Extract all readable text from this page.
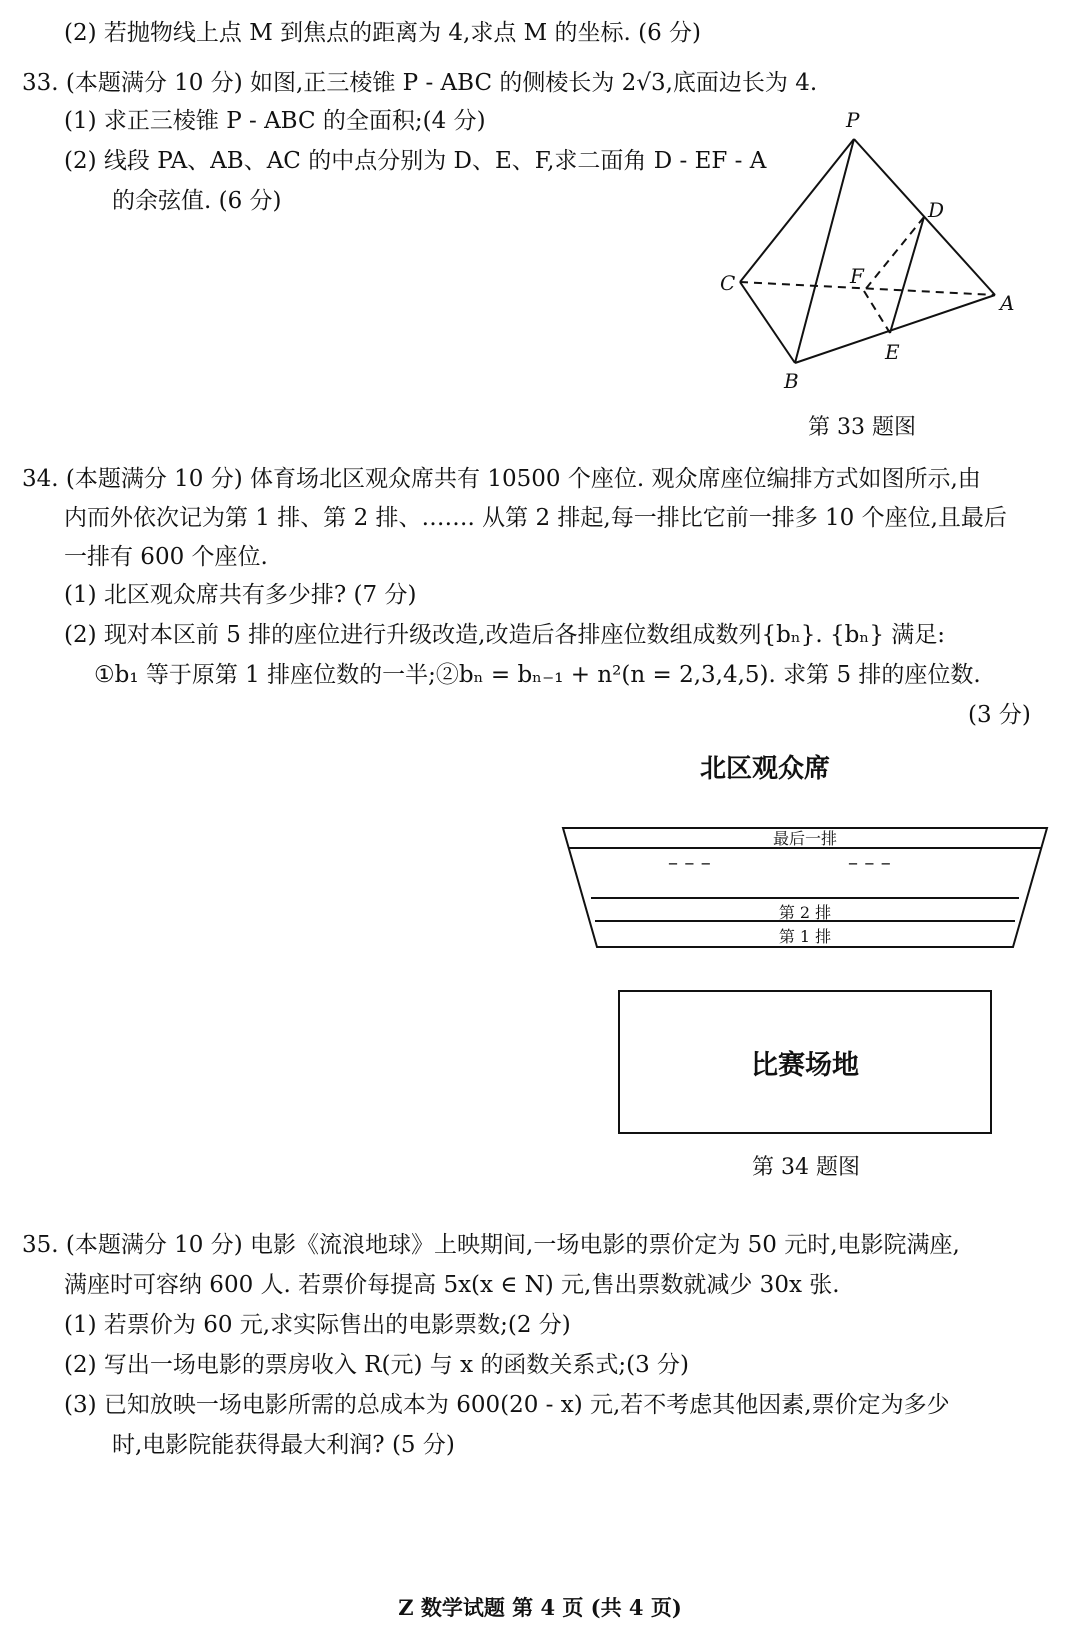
(2) 若抛物线上点 M 到焦点的距离为 4,求点 M 的坐标. (6 分)
33. (本题满分 10 分) 如图,正三棱锥 P - ABC 的侧棱长为 2√3,底面边长为 4.
(1) 求正三棱锥 P - ABC 的全面积;(4 分)
(2) 线段 PA、AB、AC 的中点分别为 D、E、F,求二面角 D - EF - A
的余弦值. (6 分)
P
D
F
C
A
E
B
第 33 题图
34. (本题满分 10 分) 体育场北区观众席共有 10500 个座位. 观众席座位编排方式如图所示,由
内而外依次记为第 1 排、第 2 排、……. 从第 2 排起,每一排比它前一排多 10 个座位,且最后
一排有 600 个座位.
(1) 北区观众席共有多少排? (7 分)
(2) 现对本区前 5 排的座位进行升级改造,改造后各排座位数组成数列{bₙ}. {bₙ} 满足:
①b₁ 等于原第 1 排座位数的一半;②bₙ = bₙ₋₁ + n²(n = 2,3,4,5). 求第 5 排的座位数.
(3 分)
北区观众席
最后一排
– – –	– – –
第 2 排
第 1 排
比赛场地
第 34 题图
35. (本题满分 10 分) 电影《流浪地球》上映期间,一场电影的票价定为 50 元时,电影院满座,
满座时可容纳 600 人. 若票价每提高 5x(x ∈ N) 元,售出票数就减少 30x 张.
(1) 若票价为 60 元,求实际售出的电影票数;(2 分)
(2) 写出一场电影的票房收入 R(元) 与 x 的函数关系式;(3 分)
(3) 已知放映一场电影所需的总成本为 600(20 - x) 元,若不考虑其他因素,票价定为多少
时,电影院能获得最大利润? (5 分)
Z 数学试题 第 4 页 (共 4 页)
